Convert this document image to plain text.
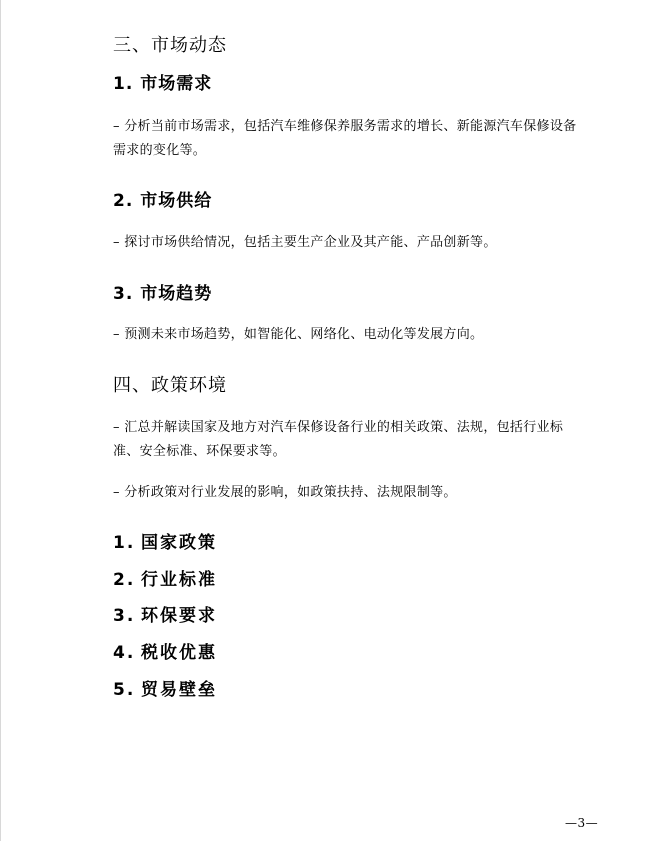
三、市场动态
1. 市场需求
– 分析当前市场需求，包括汽车维修保养服务需求的增长、新能源汽车保修设备
需求的变化等。
2. 市场供给
– 探讨市场供给情况，包括主要生产企业及其产能、产品创新等。
3. 市场趋势
– 预测未来市场趋势，如智能化、网络化、电动化等发展方向。
四、政策环境
– 汇总并解读国家及地方对汽车保修设备行业的相关政策、法规，包括行业标
准、安全标准、环保要求等。
– 分析政策对行业发展的影响，如政策扶持、法规限制等。
1. 国家政策
2. 行业标准
3. 环保要求
4. 税收优惠
5. 贸易壁垒
—3—
